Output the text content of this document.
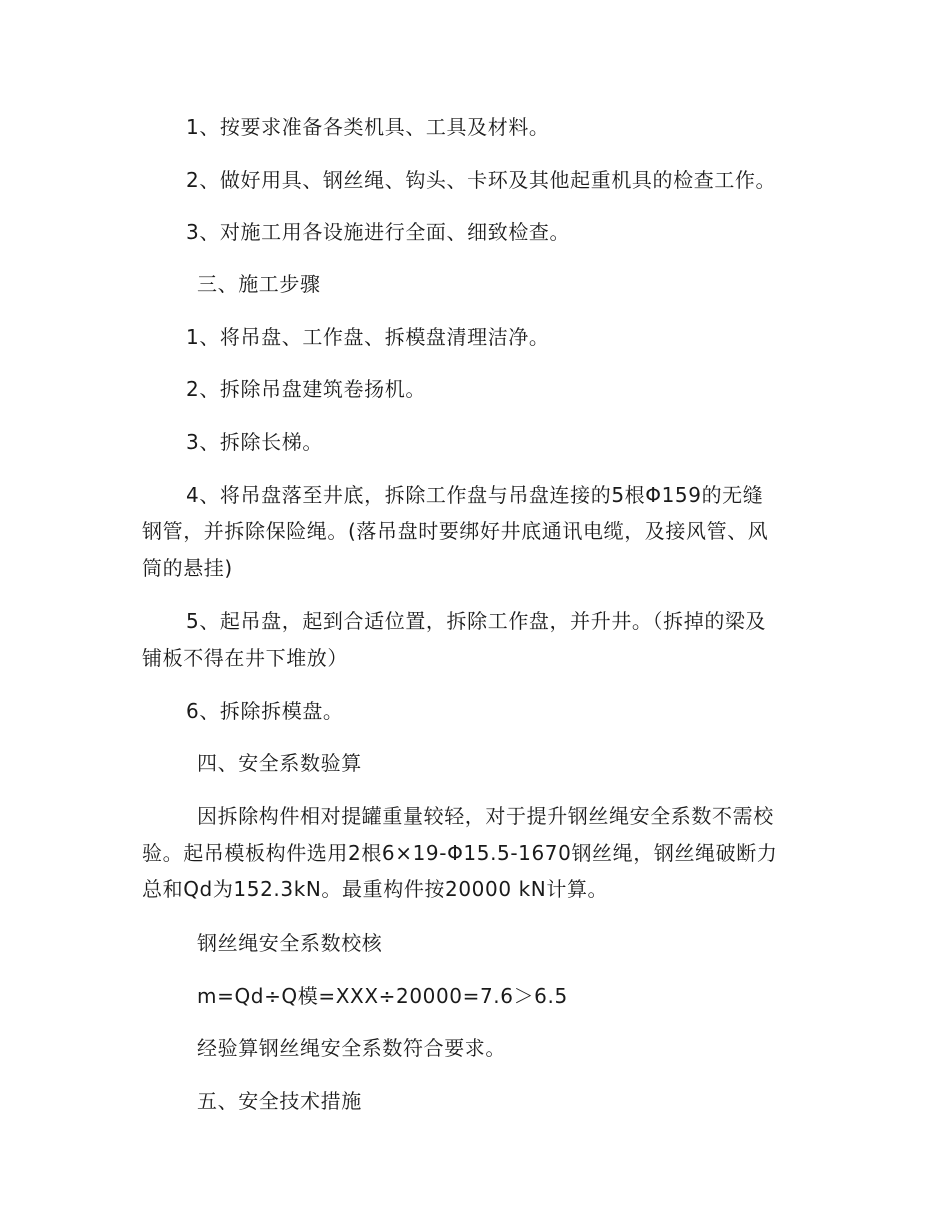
1、按要求准备各类机具、工具及材料。
2、做好用具、钢丝绳、钩头、卡环及其他起重机具的检查工作。
3、对施工用各设施进行全面、细致检查。
三、施工步骤
1、将吊盘、工作盘、拆模盘清理洁净。
2、拆除吊盘建筑卷扬机。
3、拆除长梯。
4、将吊盘落至井底，拆除工作盘与吊盘连接的5根Φ159的无缝
钢管，并拆除保险绳。(落吊盘时要绑好井底通讯电缆，及接风管、风
筒的悬挂)
5、起吊盘，起到合适位置，拆除工作盘，并升井。（拆掉的梁及
铺板不得在井下堆放）
6、拆除拆模盘。
四、安全系数验算
因拆除构件相对提罐重量较轻，对于提升钢丝绳安全系数不需校
验。起吊模板构件选用2根6×19-Φ15.5-1670钢丝绳，钢丝绳破断力
总和Qd为152.3kN。最重构件按20000 kN计算。
钢丝绳安全系数校核
m=Qd÷Q模=XXX÷20000=7.6＞6.5
经验算钢丝绳安全系数符合要求。
五、安全技术措施
